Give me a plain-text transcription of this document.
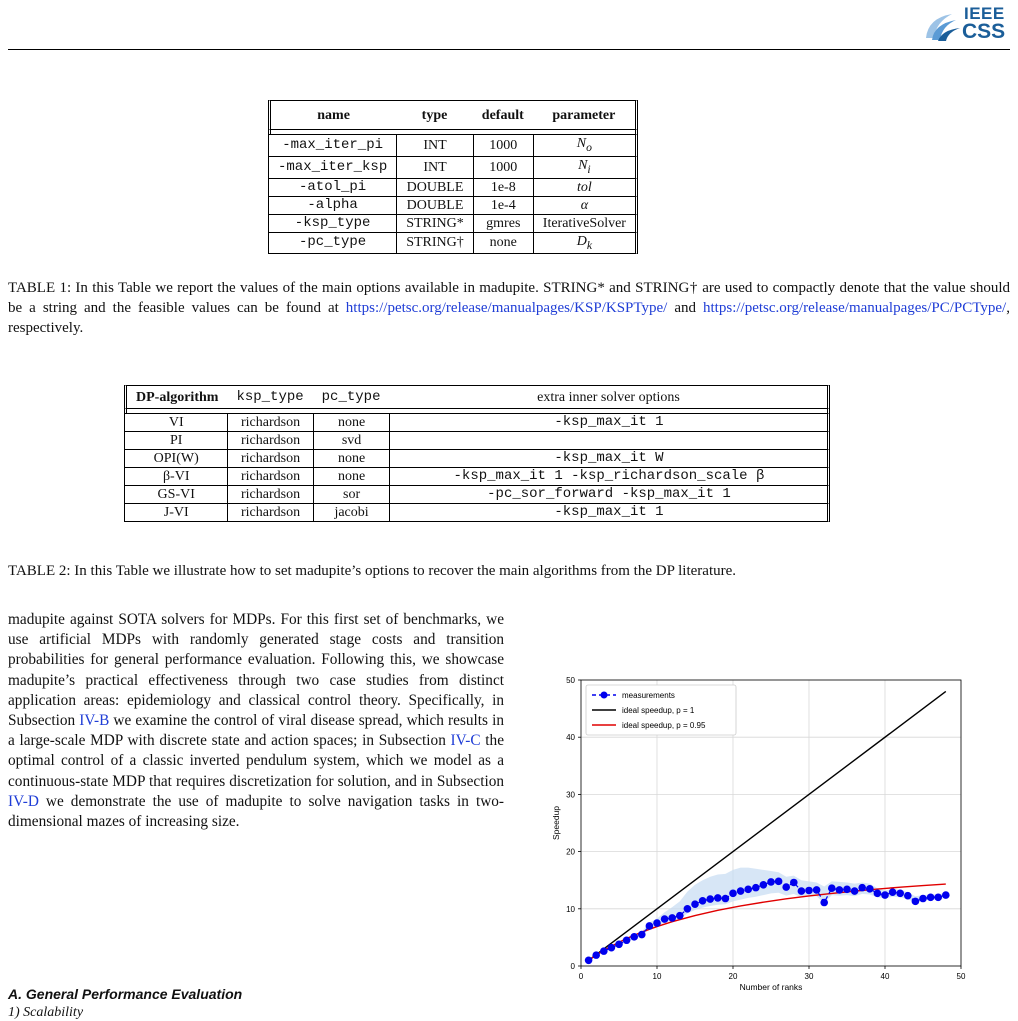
IEEE
CSS
name	type	default	parameter

-max_iter_pi	INT	1000	$N_o$
-max_iter_ksp	INT	1000	$N_i$
-atol_pi	DOUBLE	1e-8	tol
-alpha	DOUBLE	1e-4	α
-ksp_type	STRING*	gmres	IterativeSolver
-pc_type	STRING†	none	$D_k$
TABLE 1: In this Table we report the values of the main options available in madupite. STRING* and STRING† are used to compactly denote that the value should be a string and the feasible values can be found at https://petsc.org/release/manualpages/KSP/KSPType/ and https://petsc.org/release/manualpages/PC/PCType/, respectively.
DP-algorithm	ksp_type	pc_type	extra inner solver options

VI	richardson	none	-ksp_max_it 1
PI	richardson	svd	
OPI(W)	richardson	none	-ksp_max_it W
β-VI	richardson	none	-ksp_max_it 1 -ksp_richardson_scale β
GS-VI	richardson	sor	-pc_sor_forward -ksp_max_it 1
J-VI	richardson	jacobi	-ksp_max_it 1
TABLE 2: In this Table we illustrate how to set madupite’s options to recover the main algorithms from the DP literature.
madupite against SOTA solvers for MDPs. For this first set of benchmarks, we use artificial MDPs with randomly generated stage costs and transition probabilities for general performance evaluation. Following this, we showcase madupite’s practical effectiveness through two case studies from distinct application areas: epidemiology and classical control theory. Specifically, in Subsection IV-B we examine the control of viral disease spread, which results in a large-scale MDP with discrete state and action spaces; in Subsection IV-C the optimal control of a classic inverted pendulum system, which we model as a continuous-state MDP that requires discretization for solution, and in Subsection IV-D we demonstrate the use of madupite to solve navigation tasks in two-dimensional mazes of increasing size.
A. General Performance Evaluation
1) Scalability
0	10	20	30	40	50
0
10
20
30
40
50
Number of ranks
Speedup
measurements
ideal speedup, p = 1
ideal speedup, p = 0.95
